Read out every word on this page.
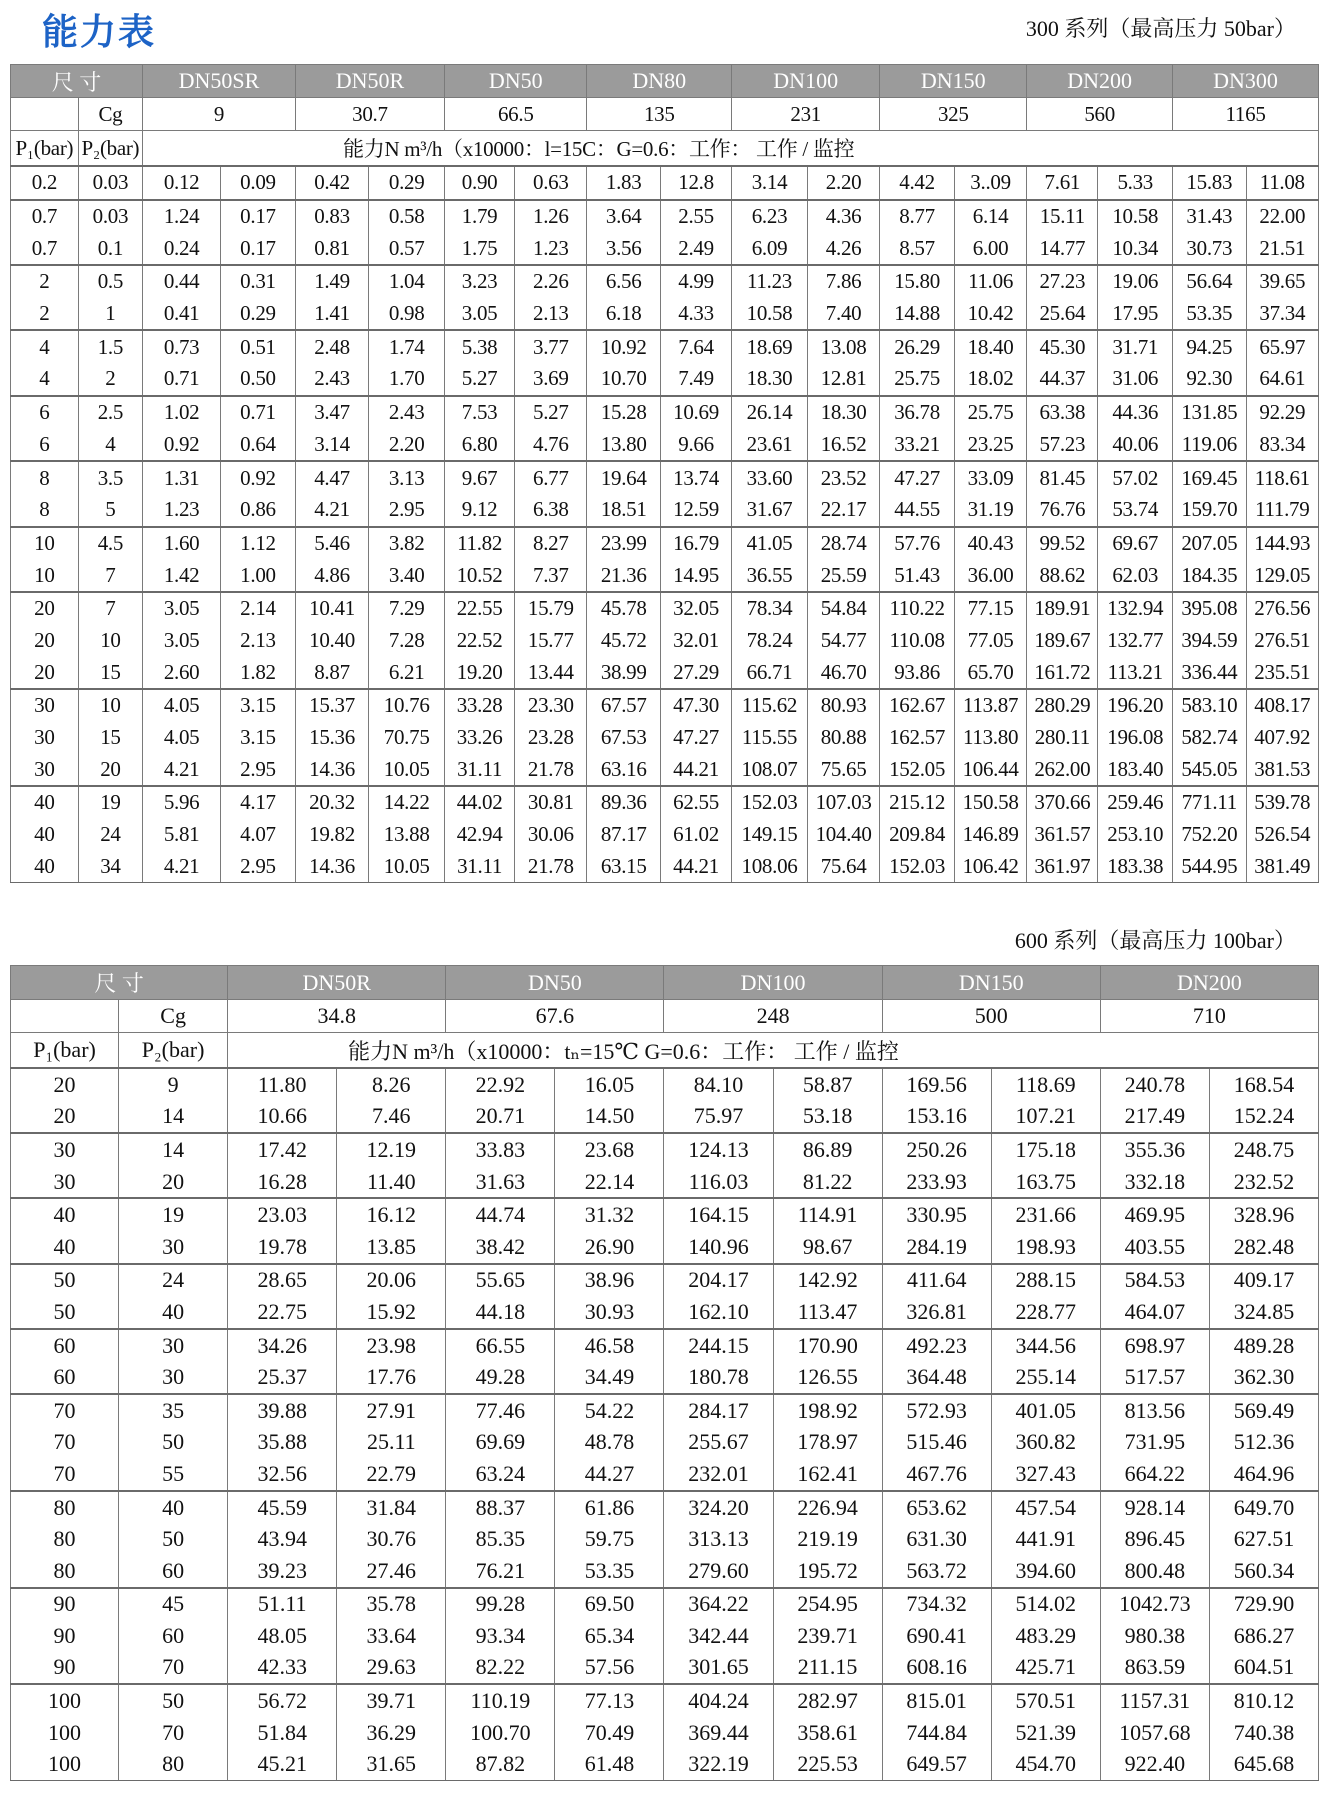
能力表	300 系列（最高压力 50bar）
600 系列（最高压力 100bar）
尺 寸		DN50SR		DN50R		DN50		DN80		DN100		DN150		DN200		DN300	
	Cg	9		30.7		66.5		135		231		325		560		1165	
P₁(bar)	P₂(bar)	能力N m³/h（x10000：l=15C：G=0.6：工作： 工作 / 监控															
0.2	0.03	0.12	0.09	0.42	0.29	0.90	0.63	1.83	12.8	3.14	2.20	4.42	3..09	7.61	5.33	15.83	11.08
0.7	0.03	1.24	0.17	0.83	0.58	1.79	1.26	3.64	2.55	6.23	4.36	8.77	6.14	15.11	10.58	31.43	22.00
0.7	0.1	0.24	0.17	0.81	0.57	1.75	1.23	3.56	2.49	6.09	4.26	8.57	6.00	14.77	10.34	30.73	21.51
2	0.5	0.44	0.31	1.49	1.04	3.23	2.26	6.56	4.99	11.23	7.86	15.80	11.06	27.23	19.06	56.64	39.65
2	1	0.41	0.29	1.41	0.98	3.05	2.13	6.18	4.33	10.58	7.40	14.88	10.42	25.64	17.95	53.35	37.34
4	1.5	0.73	0.51	2.48	1.74	5.38	3.77	10.92	7.64	18.69	13.08	26.29	18.40	45.30	31.71	94.25	65.97
4	2	0.71	0.50	2.43	1.70	5.27	3.69	10.70	7.49	18.30	12.81	25.75	18.02	44.37	31.06	92.30	64.61
6	2.5	1.02	0.71	3.47	2.43	7.53	5.27	15.28	10.69	26.14	18.30	36.78	25.75	63.38	44.36	131.85	92.29
6	4	0.92	0.64	3.14	2.20	6.80	4.76	13.80	9.66	23.61	16.52	33.21	23.25	57.23	40.06	119.06	83.34
8	3.5	1.31	0.92	4.47	3.13	9.67	6.77	19.64	13.74	33.60	23.52	47.27	33.09	81.45	57.02	169.45	118.61
8	5	1.23	0.86	4.21	2.95	9.12	6.38	18.51	12.59	31.67	22.17	44.55	31.19	76.76	53.74	159.70	111.79
10	4.5	1.60	1.12	5.46	3.82	11.82	8.27	23.99	16.79	41.05	28.74	57.76	40.43	99.52	69.67	207.05	144.93
10	7	1.42	1.00	4.86	3.40	10.52	7.37	21.36	14.95	36.55	25.59	51.43	36.00	88.62	62.03	184.35	129.05
20	7	3.05	2.14	10.41	7.29	22.55	15.79	45.78	32.05	78.34	54.84	110.22	77.15	189.91	132.94	395.08	276.56
20	10	3.05	2.13	10.40	7.28	22.52	15.77	45.72	32.01	78.24	54.77	110.08	77.05	189.67	132.77	394.59	276.51
20	15	2.60	1.82	8.87	6.21	19.20	13.44	38.99	27.29	66.71	46.70	93.86	65.70	161.72	113.21	336.44	235.51
30	10	4.05	3.15	15.37	10.76	33.28	23.30	67.57	47.30	115.62	80.93	162.67	113.87	280.29	196.20	583.10	408.17
30	15	4.05	3.15	15.36	70.75	33.26	23.28	67.53	47.27	115.55	80.88	162.57	113.80	280.11	196.08	582.74	407.92
30	20	4.21	2.95	14.36	10.05	31.11	21.78	63.16	44.21	108.07	75.65	152.05	106.44	262.00	183.40	545.05	381.53
40	19	5.96	4.17	20.32	14.22	44.02	30.81	89.36	62.55	152.03	107.03	215.12	150.58	370.66	259.46	771.11	539.78
40	24	5.81	4.07	19.82	13.88	42.94	30.06	87.17	61.02	149.15	104.40	209.84	146.89	361.57	253.10	752.20	526.54
40	34	4.21	2.95	14.36	10.05	31.11	21.78	63.15	44.21	108.06	75.64	152.03	106.42	361.97	183.38	544.95	381.49
尺 寸		DN50R		DN50		DN100		DN150		DN200	
	Cg	34.8		67.6		248		500		710	
P₁(bar)	P₂(bar)	能力N m³/h（x10000：tₙ=15℃ G=0.6：工作： 工作 / 监控									
20	9	11.80	8.26	22.92	16.05	84.10	58.87	169.56	118.69	240.78	168.54
20	14	10.66	7.46	20.71	14.50	75.97	53.18	153.16	107.21	217.49	152.24
30	14	17.42	12.19	33.83	23.68	124.13	86.89	250.26	175.18	355.36	248.75
30	20	16.28	11.40	31.63	22.14	116.03	81.22	233.93	163.75	332.18	232.52
40	19	23.03	16.12	44.74	31.32	164.15	114.91	330.95	231.66	469.95	328.96
40	30	19.78	13.85	38.42	26.90	140.96	98.67	284.19	198.93	403.55	282.48
50	24	28.65	20.06	55.65	38.96	204.17	142.92	411.64	288.15	584.53	409.17
50	40	22.75	15.92	44.18	30.93	162.10	113.47	326.81	228.77	464.07	324.85
60	30	34.26	23.98	66.55	46.58	244.15	170.90	492.23	344.56	698.97	489.28
60	30	25.37	17.76	49.28	34.49	180.78	126.55	364.48	255.14	517.57	362.30
70	35	39.88	27.91	77.46	54.22	284.17	198.92	572.93	401.05	813.56	569.49
70	50	35.88	25.11	69.69	48.78	255.67	178.97	515.46	360.82	731.95	512.36
70	55	32.56	22.79	63.24	44.27	232.01	162.41	467.76	327.43	664.22	464.96
80	40	45.59	31.84	88.37	61.86	324.20	226.94	653.62	457.54	928.14	649.70
80	50	43.94	30.76	85.35	59.75	313.13	219.19	631.30	441.91	896.45	627.51
80	60	39.23	27.46	76.21	53.35	279.60	195.72	563.72	394.60	800.48	560.34
90	45	51.11	35.78	99.28	69.50	364.22	254.95	734.32	514.02	1042.73	729.90
90	60	48.05	33.64	93.34	65.34	342.44	239.71	690.41	483.29	980.38	686.27
90	70	42.33	29.63	82.22	57.56	301.65	211.15	608.16	425.71	863.59	604.51
100	50	56.72	39.71	110.19	77.13	404.24	282.97	815.01	570.51	1157.31	810.12
100	70	51.84	36.29	100.70	70.49	369.44	358.61	744.84	521.39	1057.68	740.38
100	80	45.21	31.65	87.82	61.48	322.19	225.53	649.57	454.70	922.40	645.68
